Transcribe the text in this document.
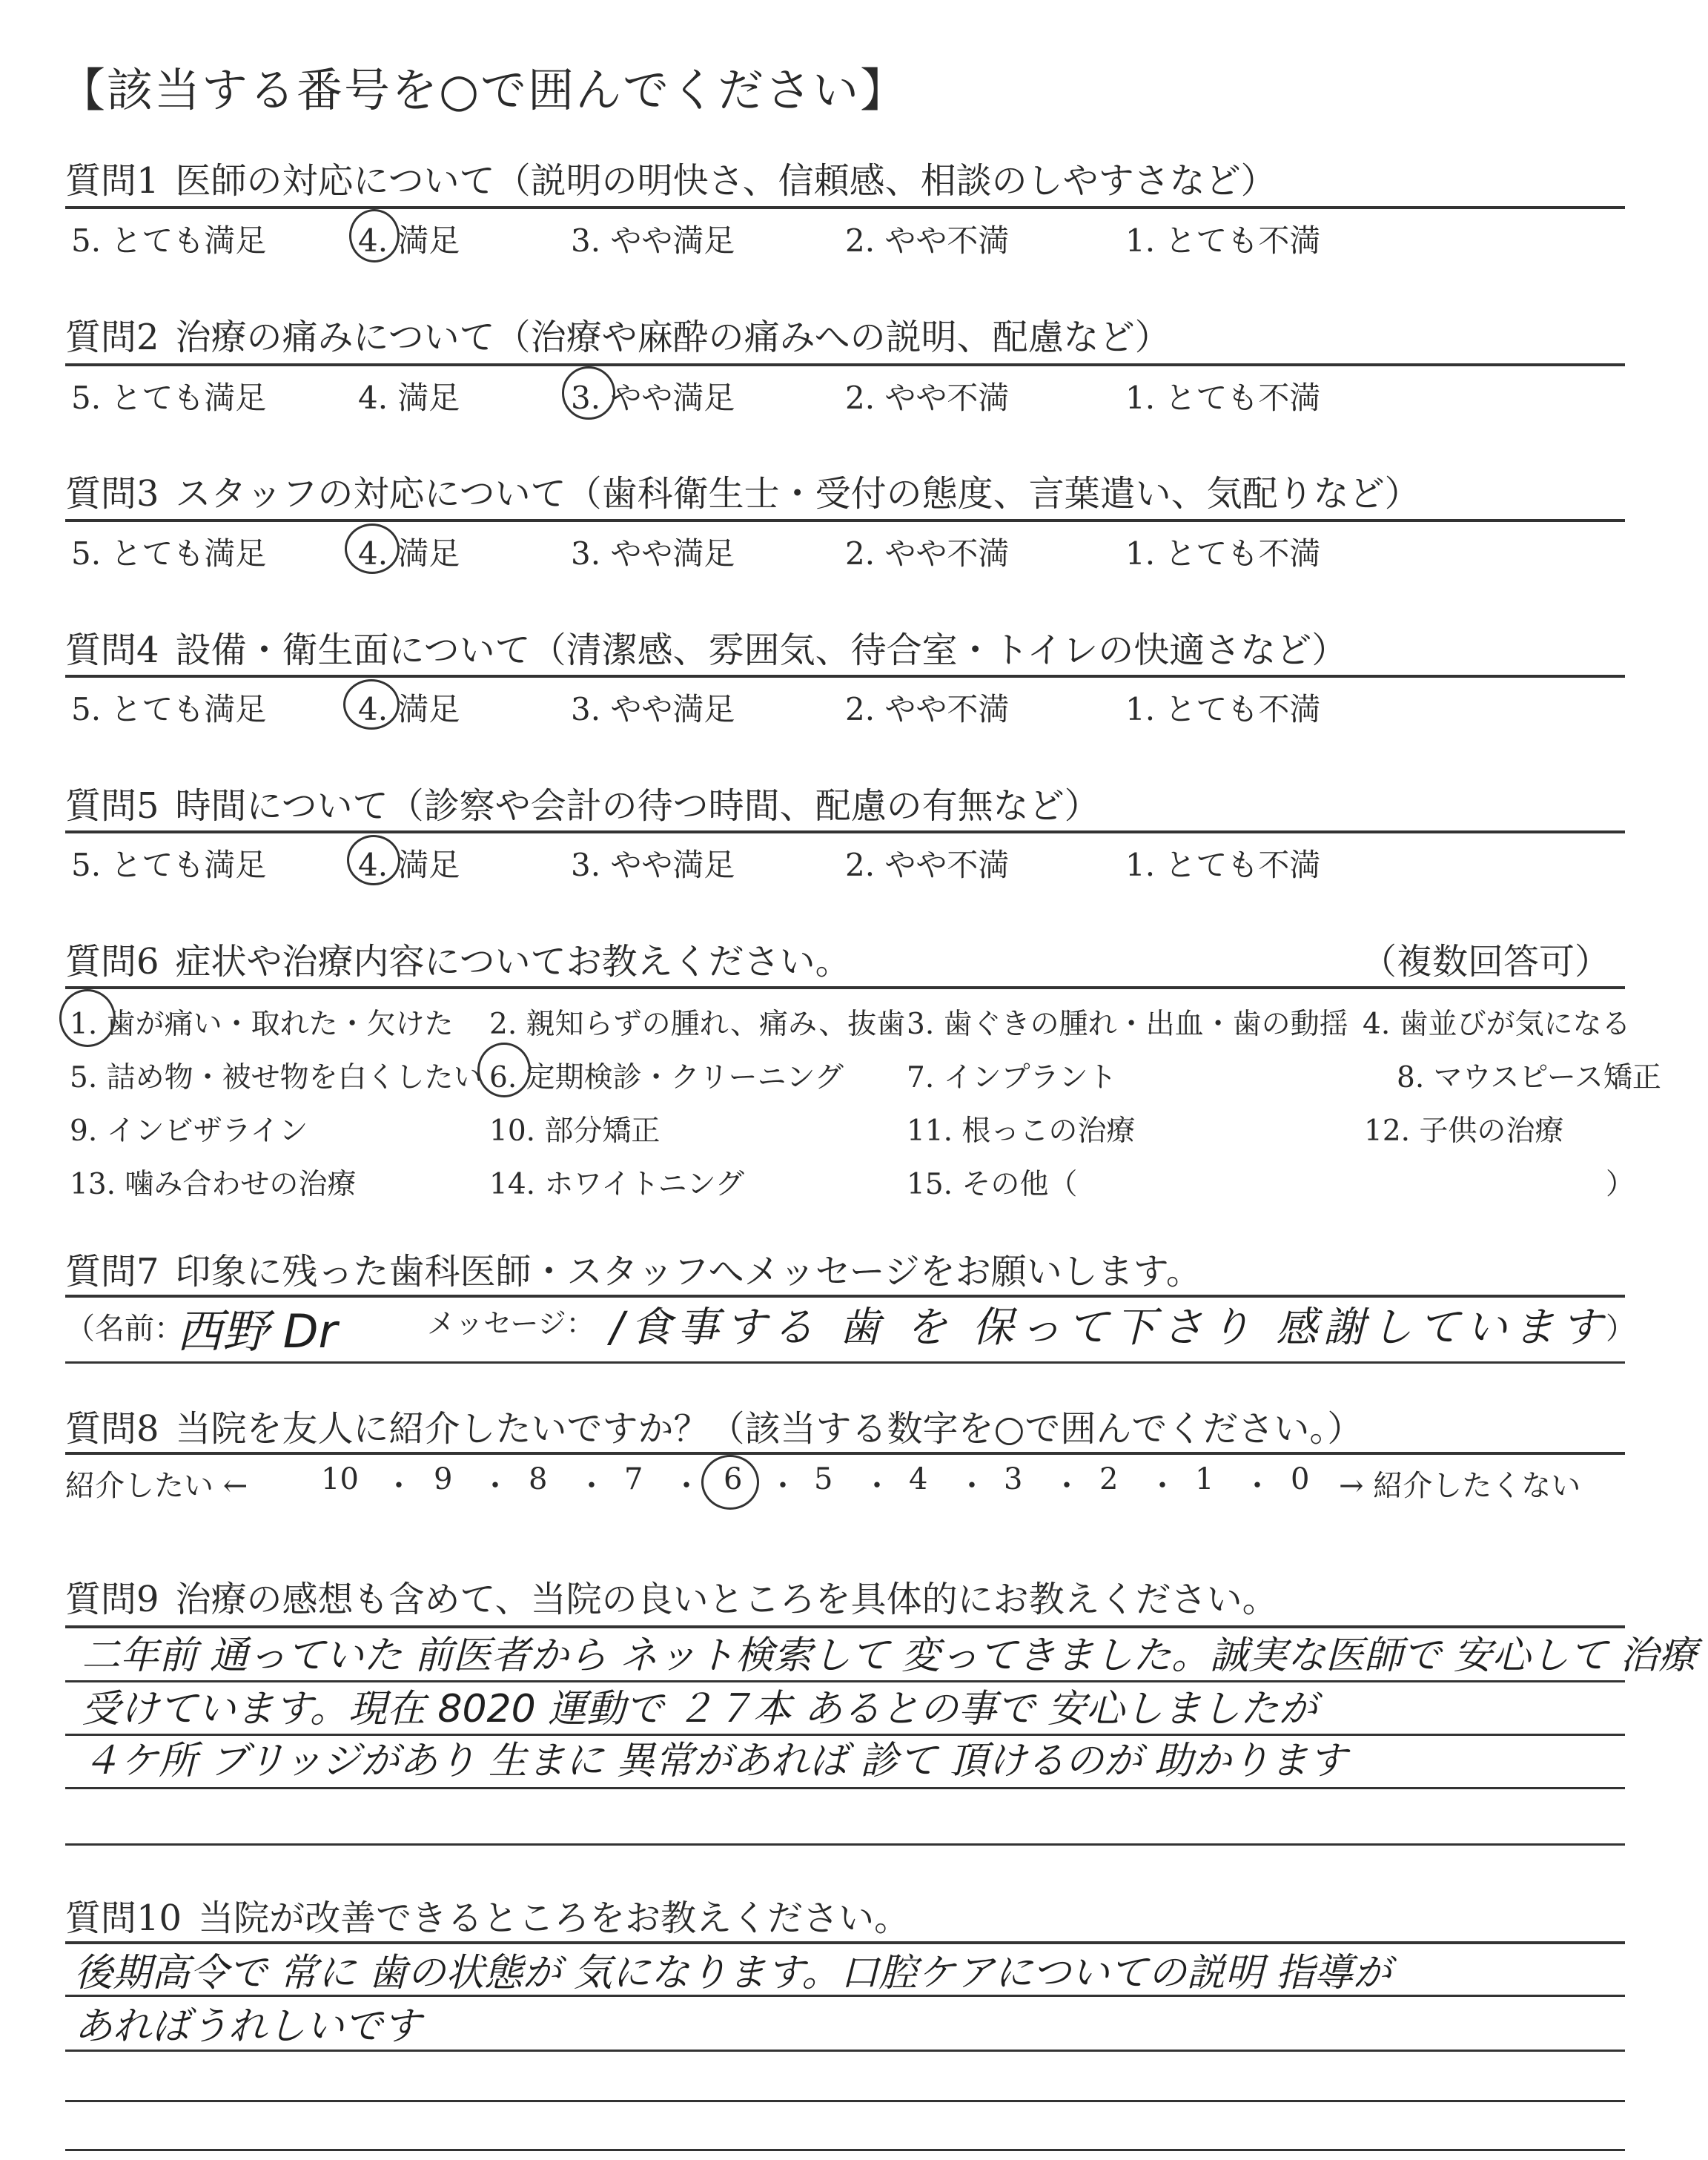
【該当する番号を○で囲んでください】
質問1 医師の対応について（説明の明快さ、信頼感、相談のしやすさなど）
5. とても満足	4. 満足	3. やや満足	2. やや不満	1. とても不満
質問2 治療の痛みについて（治療や麻酔の痛みへの説明、配慮など）
5. とても満足	4. 満足	3. やや満足	2. やや不満	1. とても不満
質問3 スタッフの対応について（歯科衛生士・受付の態度、言葉遣い、気配りなど）
5. とても満足	4. 満足	3. やや満足	2. やや不満	1. とても不満
質問4 設備・衛生面について（清潔感、雰囲気、待合室・トイレの快適さなど）
5. とても満足	4. 満足	3. やや満足	2. やや不満	1. とても不満
質問5 時間について（診察や会計の待つ時間、配慮の有無など）
5. とても満足	4. 満足	3. やや満足	2. やや不満	1. とても不満
質問6 症状や治療内容についてお教えください。	（複数回答可）
1. 歯が痛い・取れた・欠けた 2. 親知らずの腫れ、痛み、抜歯 3. 歯ぐきの腫れ・出血・歯の動揺 4. 歯並びが気になる
5. 詰め物・被せ物を白くしたい 6. 定期検診・クリーニング 7. インプラント	8. マウスピース矯正
9. インビザライン	10. 部分矯正	11. 根っこの治療	12. 子供の治療
13. 噛み合わせの治療	14. ホワイトニング	15. その他（	）
質問7 印象に残った歯科医師・スタッフへメッセージをお願いします。
（名前：
西野 Dr	メッセージ： /食事する 歯 を 保って下さり 感謝しています
）
質問8 当院を友人に紹介したいですか？（該当する数字を○で囲んでください。）
紹介したい ← 10 ・ 9 ・ 8 ・ 7 ・ 6 ・ 5 ・ 4 ・ 3 ・ 2 ・ 1 ・ 0 → 紹介したくない
質問9 治療の感想も含めて、当院の良いところを具体的にお教えください。
二年前 通っていた 前医者から ネット検索して 変ってきました。誠実な医師で 安心して 治療
受けています。現在 8020 運動で ２７本 あるとの事で 安心しましたが
４ケ所 ブリッジがあり 生まに 異常があれば 診て 頂けるのが 助かります
質問10 当院が改善できるところをお教えください。
後期高令で 常に 歯の状態が 気になります。口腔ケアについての説明 指導が
あればうれしいです
